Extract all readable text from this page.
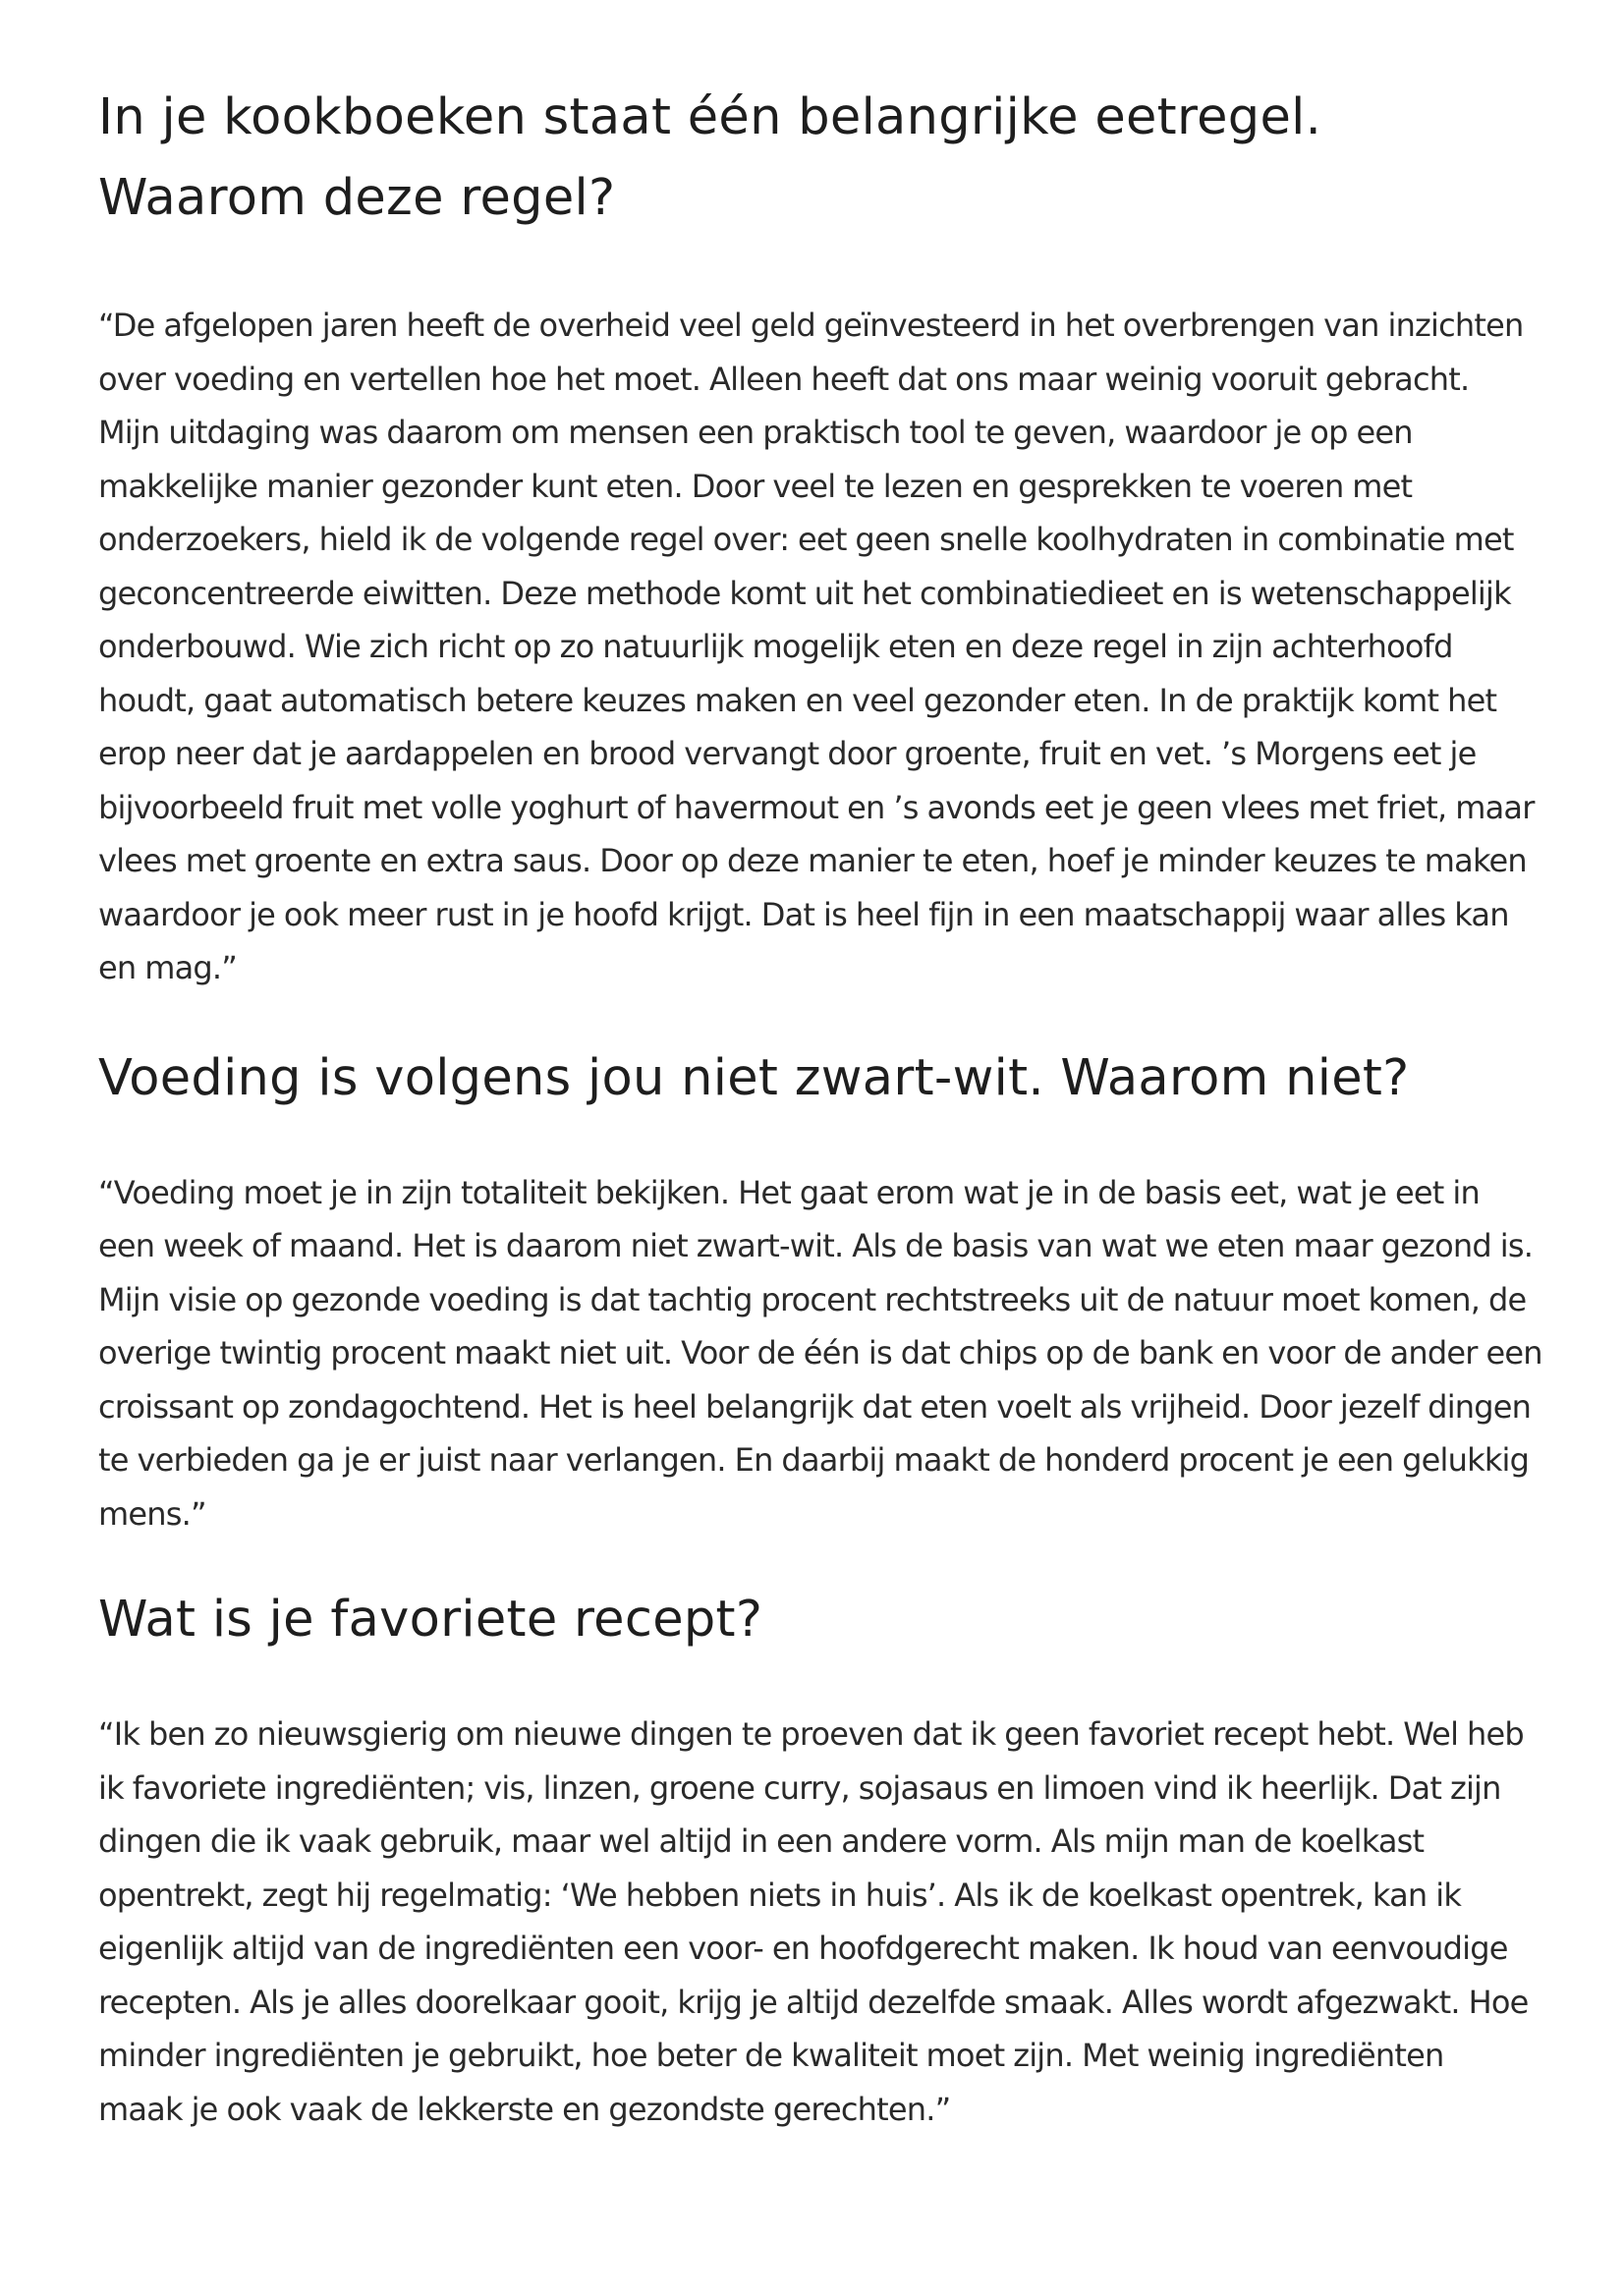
In je kookboeken staat één belangrijke eetregel.
Waarom deze regel?

“De afgelopen jaren heeft de overheid veel geld geïnvesteerd in het overbrengen van inzichten
over voeding en vertellen hoe het moet. Alleen heeft dat ons maar weinig vooruit gebracht.
Mijn uitdaging was daarom om mensen een praktisch tool te geven, waardoor je op een
makkelijke manier gezonder kunt eten. Door veel te lezen en gesprekken te voeren met
onderzoekers, hield ik de volgende regel over: eet geen snelle koolhydraten in combinatie met
geconcentreerde eiwitten. Deze methode komt uit het combinatiedieet en is wetenschappelijk
onderbouwd. Wie zich richt op zo natuurlijk mogelijk eten en deze regel in zijn achterhoofd
houdt, gaat automatisch betere keuzes maken en veel gezonder eten. In de praktijk komt het
erop neer dat je aardappelen en brood vervangt door groente, fruit en vet. ’s Morgens eet je
bijvoorbeeld fruit met volle yoghurt of havermout en ’s avonds eet je geen vlees met friet, maar
vlees met groente en extra saus. Door op deze manier te eten, hoef je minder keuzes te maken
waardoor je ook meer rust in je hoofd krijgt. Dat is heel fijn in een maatschappij waar alles kan
en mag.”

Voeding is volgens jou niet zwart-wit. Waarom niet?

“Voeding moet je in zijn totaliteit bekijken. Het gaat erom wat je in de basis eet, wat je eet in
een week of maand. Het is daarom niet zwart-wit. Als de basis van wat we eten maar gezond is.
Mijn visie op gezonde voeding is dat tachtig procent rechtstreeks uit de natuur moet komen, de
overige twintig procent maakt niet uit. Voor de één is dat chips op de bank en voor de ander een
croissant op zondagochtend. Het is heel belangrijk dat eten voelt als vrijheid. Door jezelf dingen
te verbieden ga je er juist naar verlangen. En daarbij maakt de honderd procent je een gelukkig
mens.”

Wat is je favoriete recept?

“Ik ben zo nieuwsgierig om nieuwe dingen te proeven dat ik geen favoriet recept hebt. Wel heb
ik favoriete ingrediënten; vis, linzen, groene curry, sojasaus en limoen vind ik heerlijk. Dat zijn
dingen die ik vaak gebruik, maar wel altijd in een andere vorm. Als mijn man de koelkast
opentrekt, zegt hij regelmatig: ‘We hebben niets in huis’. Als ik de koelkast opentrek, kan ik
eigenlijk altijd van de ingrediënten een voor- en hoofdgerecht maken. Ik houd van eenvoudige
recepten. Als je alles doorelkaar gooit, krijg je altijd dezelfde smaak. Alles wordt afgezwakt. Hoe
minder ingrediënten je gebruikt, hoe beter de kwaliteit moet zijn. Met weinig ingrediënten
maak je ook vaak de lekkerste en gezondste gerechten.”
